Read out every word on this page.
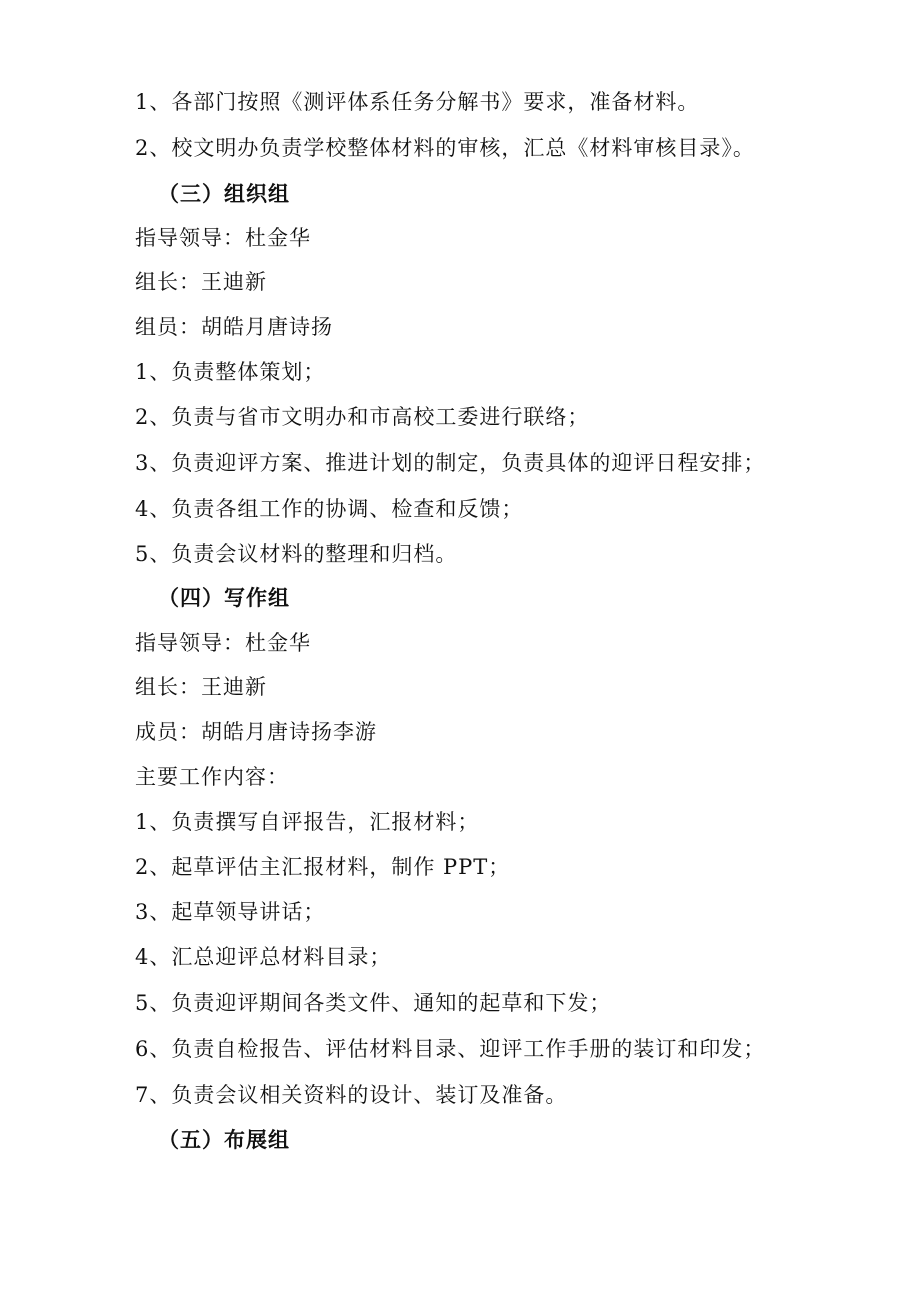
1、各部门按照《测评体系任务分解书》要求，准备材料。
2、校文明办负责学校整体材料的审核，汇总《材料审核目录》。
（三）组织组
指导领导：杜金华
组长：王迪新
组员：胡皓月唐诗扬
1、负责整体策划；
2、负责与省市文明办和市高校工委进行联络；
3、负责迎评方案、推进计划的制定，负责具体的迎评日程安排；
4、负责各组工作的协调、检查和反馈；
5、负责会议材料的整理和归档。
（四）写作组
指导领导：杜金华
组长：王迪新
成员：胡皓月唐诗扬李游
主要工作内容：
1、负责撰写自评报告，汇报材料；
2、起草评估主汇报材料，制作 PPT；
3、起草领导讲话；
4、汇总迎评总材料目录；
5、负责迎评期间各类文件、通知的起草和下发；
6、负责自检报告、评估材料目录、迎评工作手册的装订和印发；
7、负责会议相关资料的设计、装订及准备。
（五）布展组
